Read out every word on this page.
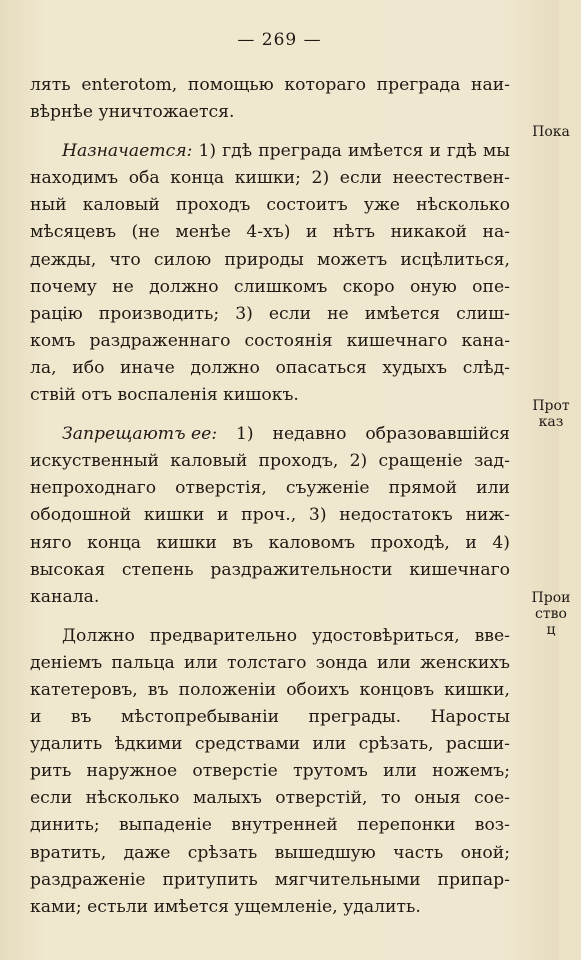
— 269 —
лять enterotom, помощью котораго преграда наи-
вѣрнѣе уничтожается.
Назначается: 1) гдѣ преграда имѣется и гдѣ мы
находимъ оба конца кишки; 2) если неестествен-
ный каловый проходъ состоитъ уже нѣсколько
мѣсяцевъ (не менѣе 4-хъ) и нѣтъ никакой на-
дежды, что силою природы можетъ исцѣлиться,
почему не должно слишкомъ скоро оную опе-
рацію производить; 3) если не имѣется слиш-
комъ раздраженнаго состоянія кишечнаго кана-
ла, ибо иначе должно опасаться худыхъ слѣд-
ствій отъ воспаленія кишокъ.
Запрещаютъ ее: 1) недавно образовавшійся
искуственный каловый проходъ, 2) сращеніе зад-
непроходнаго отверстія, съуженіе прямой или
ободошной кишки и проч., 3) недостатокъ ниж-
няго конца кишки въ каловомъ проходѣ, и 4)
высокая степень раздражительности кишечнаго
канала.
Должно предварительно удостовѣриться, вве-
деніемъ пальца или толстаго зонда или женскихъ
катетеровъ, въ положеніи обоихъ концовъ кишки,
и въ мѣстопребываніи преграды. Наросты
удалить ѣдкими средствами или срѣзать, расши-
рить наружное отверстіе трутомъ или ножемъ;
если нѣсколько малыхъ отверстій, то оныя сое-
динить; выпаденіе внутренней перепонки воз-
вратить, даже срѣзать вышедшую часть оной;
раздраженіе притупить мягчительными припар-
ками; естьли имѣется ущемленіе, удалить.
Пока
Прот
каз
Прои
ство
ц
